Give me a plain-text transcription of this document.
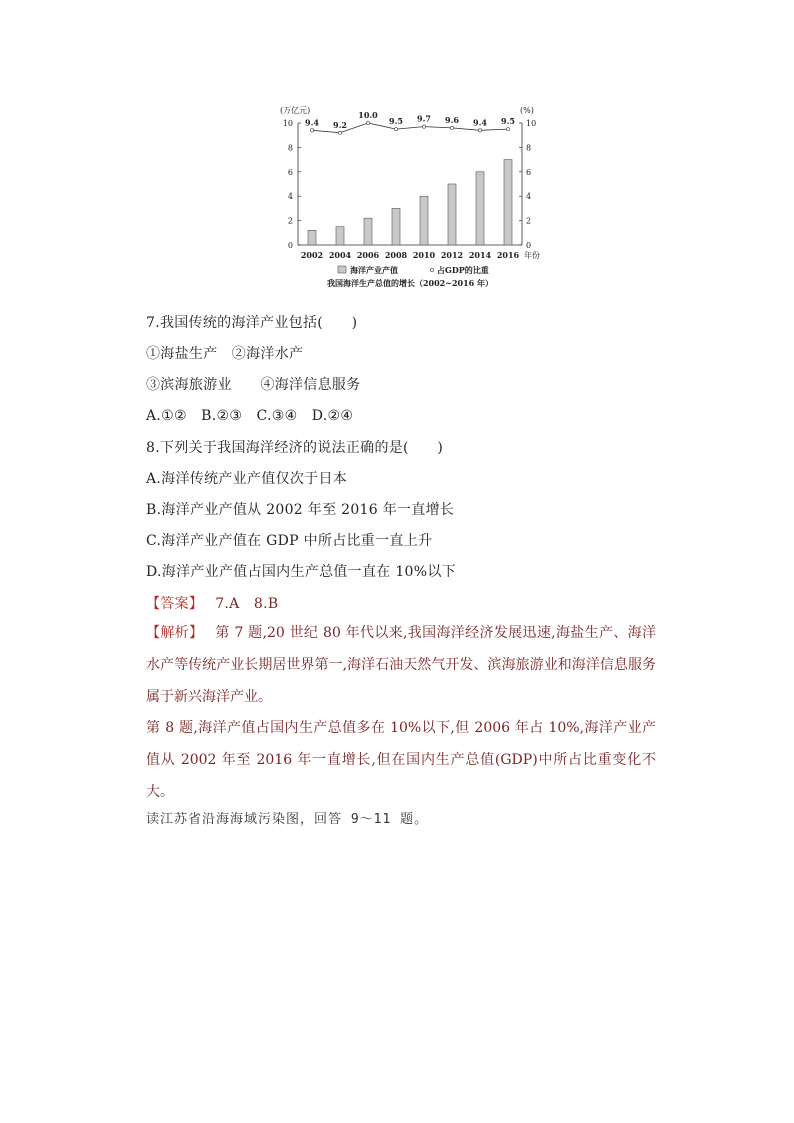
0
2
4
6
8
10
0
2
4
6
8
10
(万亿元)	(%)
2002 2004 2006 2008 2010 2012 2014 2016 年份
9.4 9.2
10.0
9.5 9.7 9.6 9.4 9.5
海洋产业产值	占GDP的比重
我国海洋生产总值的增长（2002~2016 年）
7.我国传统的海洋产业包括(　　)
①海盐生产　②海洋水产
③滨海旅游业　　④海洋信息服务
A.①②　B.②③　C.③④　D.②④
8.下列关于我国海洋经济的说法正确的是(　　)
A.海洋传统产业产值仅次于日本
B.海洋产业产值从 2002 年至 2016 年一直增长
C.海洋产业产值在 GDP 中所占比重一直上升
D.海洋产业产值占国内生产总值一直在 10%以下
【答案】 7.A　8.B
【解析】 第 7 题,20 世纪 80 年代以来,我国海洋经济发展迅速,海盐生产、海洋水产等传统产业长期居世界第一,海洋石油天然气开发、滨海旅游业和海洋信息服务属于新兴海洋产业。
第 8 题,海洋产值占国内生产总值多在 10%以下,但 2006 年占 10%,海洋产业产值从 2002 年至 2016 年一直增长,但在国内生产总值(GDP)中所占比重变化不大。
读江苏省沿海海域污染图，回答 9～11 题。
